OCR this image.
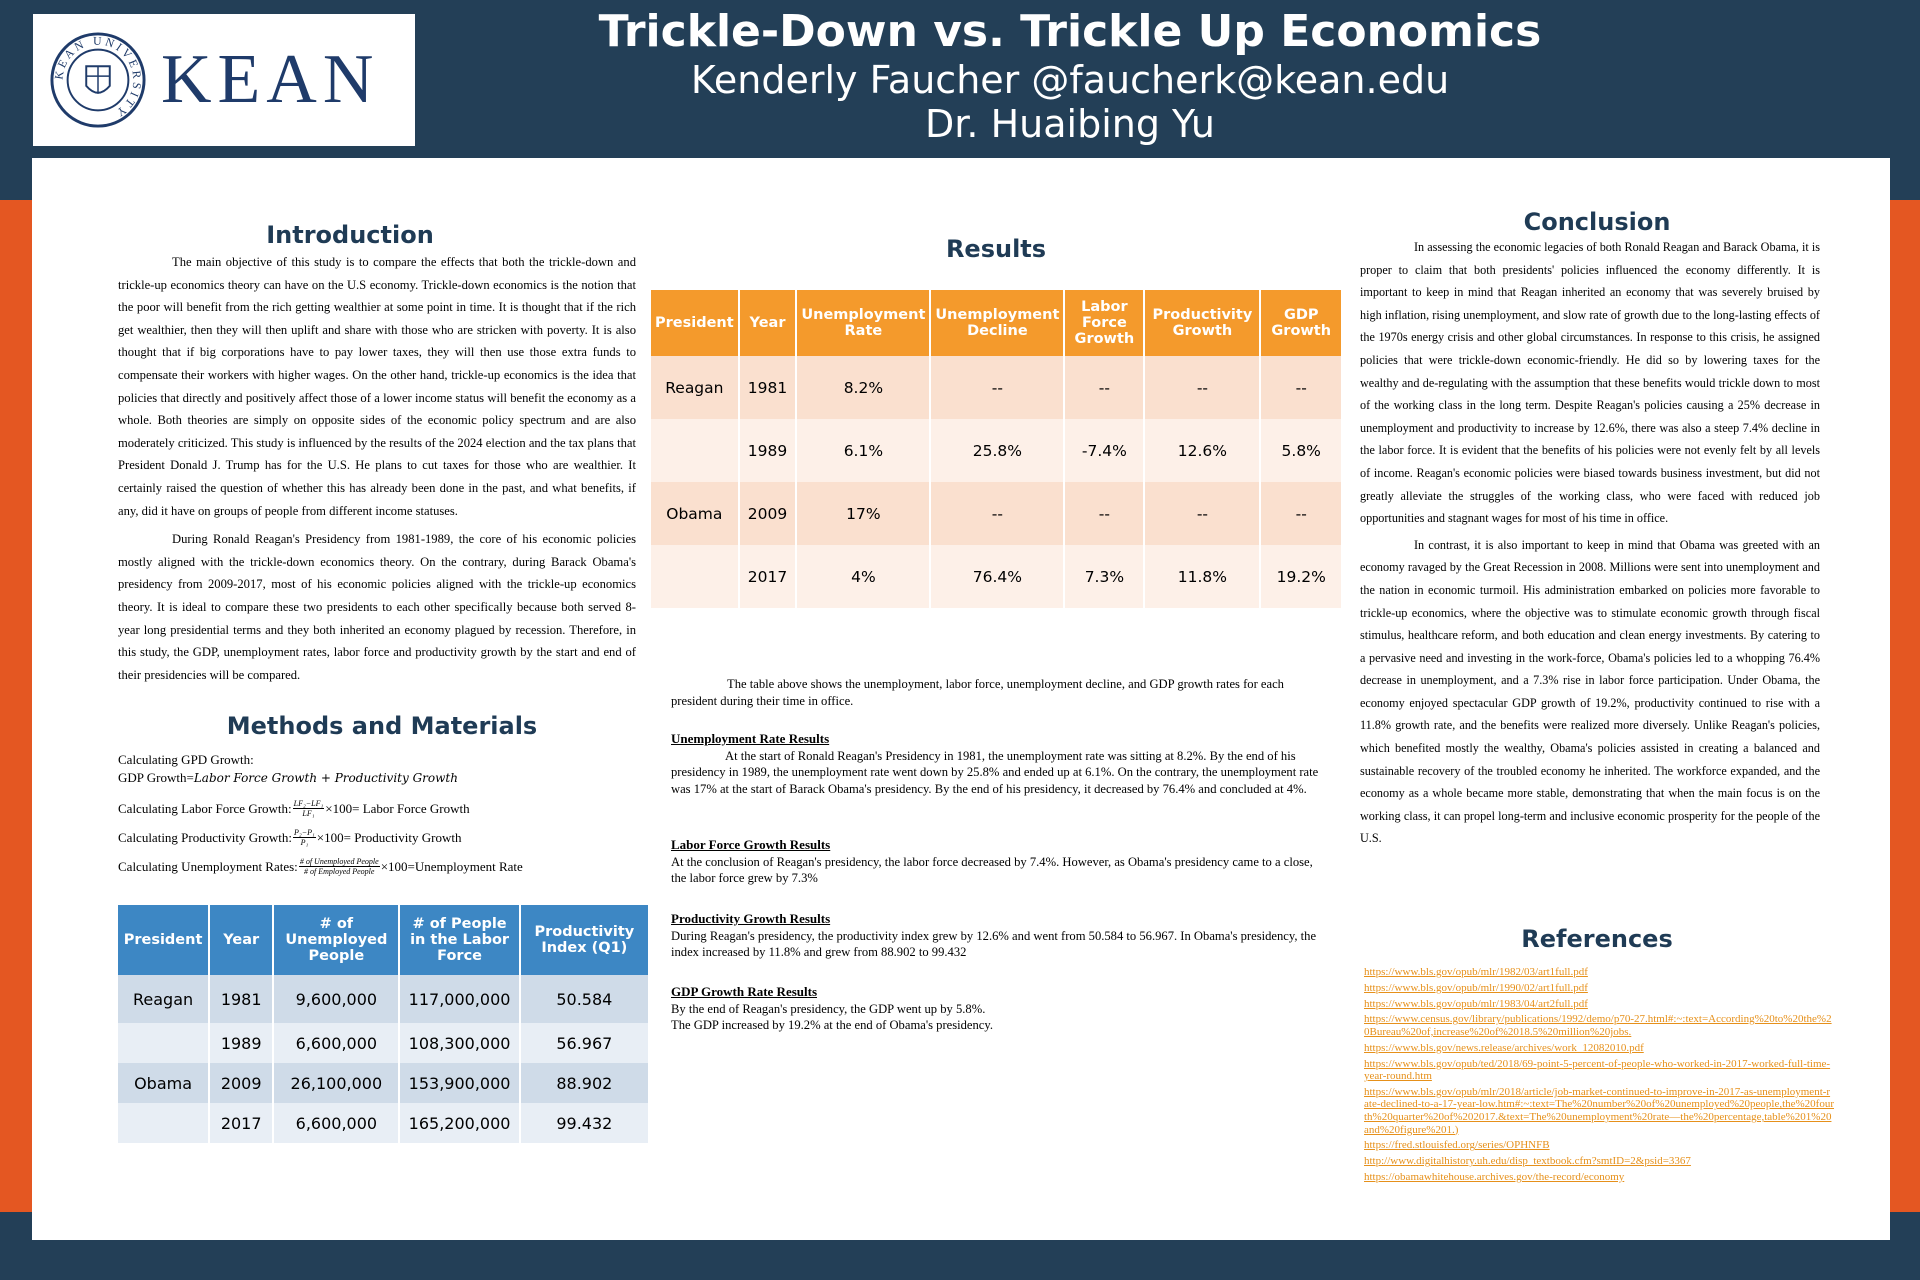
KEAN UNIVERSITY KEAN
Trickle-Down vs. Trickle Up Economics
Kenderly Faucher @faucherk@kean.edu
Dr. Huaibing Yu
Introduction

The main objective of this study is to compare the effects that both the trickle-down and trickle-up economics theory can have on the U.S economy. Trickle-down economics is the notion that the poor will benefit from the rich getting wealthier at some point in time. It is thought that if the rich get wealthier, then they will then uplift and share with those who are stricken with poverty. It is also thought that if big corporations have to pay lower taxes, they will then use those extra funds to compensate their workers with higher wages. On the other hand, trickle-up economics is the idea that policies that directly and positively affect those of a lower income status will benefit the economy as a whole. Both theories are simply on opposite sides of the economic policy spectrum and are also moderately criticized. This study is influenced by the results of the 2024 election and the tax plans that President Donald J. Trump has for the U.S. He plans to cut taxes for those who are wealthier. It certainly raised the question of whether this has already been done in the past, and what benefits, if any, did it have on groups of people from different income statuses.

During Ronald Reagan's Presidency from 1981-1989, the core of his economic policies mostly aligned with the trickle-down economics theory. On the contrary, during Barack Obama's presidency from 2009-2017, most of his economic policies aligned with the trickle-up economics theory. It is ideal to compare these two presidents to each other specifically because both served 8-year long presidential terms and they both inherited an economy plagued by recession. Therefore, in this study, the GDP, unemployment rates, labor force and productivity growth by the start and end of their presidencies will be compared.

Methods and Materials
Calculating GPD Growth:
GDP Growth=Labor Force Growth + Productivity Growth
Calculating Labor Force Growth: $\frac{\text{LF₂−LF₁}}{\text{LF₁}} \times 100=$ Labor Force Growth
Calculating Productivity Growth: $\frac{\text{P₂−P₁}}{\text{P₁}} \times 100=$ Productivity Growth
Calculating Unemployment Rates: $\frac{\text{\# of Unemployed People}}{\text{\# of Employed People}}$ ×100=Unemployment Rate
President	Year	# of Unemployed People	# of People in the Labor Force	Productivity Index (Q1)
Reagan	1981	9,600,000	117,000,000	50.584
	1989	6,600,000	108,300,000	56.967
Obama	2009	26,100,000	153,900,000	88.902
	2017	6,600,000	165,200,000	99.432
Results
President	Year	Unemployment Rate	Unemployment Decline	Labor Force Growth	Productivity Growth	GDP Growth
Reagan	1981	8.2%	--	--	--	--
	1989	6.1%	25.8%	-7.4%	12.6%	5.8%
Obama	2009	17%	--	--	--	--
	2017	4%	76.4%	7.3%	11.8%	19.2%
The table above shows the unemployment, labor force, unemployment decline, and GDP growth rates for each president during their time in office.
Unemployment Rate Results
At the start of Ronald Reagan's Presidency in 1981, the unemployment rate was sitting at 8.2%. By the end of his presidency in 1989, the unemployment rate went down by 25.8% and ended up at 6.1%. On the contrary, the unemployment rate was 17% at the start of Barack Obama's presidency. By the end of his presidency, it decreased by 76.4% and concluded at 4%.
Labor Force Growth Results
At the conclusion of Reagan's presidency, the labor force decreased by 7.4%. However, as Obama's presidency came to a close, the labor force grew by 7.3%
Productivity Growth Results
During Reagan's presidency, the productivity index grew by 12.6% and went from 50.584 to 56.967. In Obama's presidency, the index increased by 11.8% and grew from 88.902 to 99.432
GDP Growth Rate Results
By the end of Reagan's presidency, the GDP went up by 5.8%.
The GDP increased by 19.2% at the end of Obama's presidency.
Conclusion

In assessing the economic legacies of both Ronald Reagan and Barack Obama, it is proper to claim that both presidents' policies influenced the economy differently. It is important to keep in mind that Reagan inherited an economy that was severely bruised by high inflation, rising unemployment, and slow rate of growth due to the long-lasting effects of the 1970s energy crisis and other global circumstances. In response to this crisis, he assigned policies that were trickle-down economic-friendly. He did so by lowering taxes for the wealthy and de-regulating with the assumption that these benefits would trickle down to most of the working class in the long term. Despite Reagan's policies causing a 25% decrease in unemployment and productivity to increase by 12.6%, there was also a steep 7.4% decline in the labor force. It is evident that the benefits of his policies were not evenly felt by all levels of income. Reagan's economic policies were biased towards business investment, but did not greatly alleviate the struggles of the working class, who were faced with reduced job opportunities and stagnant wages for most of his time in office.

In contrast, it is also important to keep in mind that Obama was greeted with an economy ravaged by the Great Recession in 2008. Millions were sent into unemployment and the nation in economic turmoil. His administration embarked on policies more favorable to trickle-up economics, where the objective was to stimulate economic growth through fiscal stimulus, healthcare reform, and both education and clean energy investments. By catering to a pervasive need and investing in the work-force, Obama's policies led to a whopping 76.4% decrease in unemployment, and a 7.3% rise in labor force participation. Under Obama, the economy enjoyed spectacular GDP growth of 19.2%, productivity continued to rise with a 11.8% growth rate, and the benefits were realized more diversely. Unlike Reagan's policies, which benefited mostly the wealthy, Obama's policies assisted in creating a balanced and sustainable recovery of the troubled economy he inherited. The workforce expanded, and the economy as a whole became more stable, demonstrating that when the main focus is on the working class, it can propel long-term and inclusive economic prosperity for the people of the U.S.

References
https://www.bls.gov/opub/mlr/1982/03/art1full.pdf
https://www.bls.gov/opub/mlr/1990/02/art1full.pdf
https://www.bls.gov/opub/mlr/1983/04/art2full.pdf
https://www.census.gov/library/publications/1992/demo/p70-27.html#:~:text=According%20to%20the%20Bureau%20of,increase%20of%2018.5%20million%20jobs.
https://www.bls.gov/news.release/archives/work_12082010.pdf
https://www.bls.gov/opub/ted/2018/69-point-5-percent-of-people-who-worked-in-2017-worked-full-time-year-round.htm
https://www.bls.gov/opub/mlr/2018/article/job-market-continued-to-improve-in-2017-as-unemployment-rate-declined-to-a-17-year-low.htm#:~:text=The%20number%20of%20unemployed%20people,the%20fourth%20quarter%20of%202017.&text=The%20unemployment%20rate—the%20percentage,table%201%20and%20figure%201.)
https://fred.stlouisfed.org/series/OPHNFB
http://www.digitalhistory.uh.edu/disp_textbook.cfm?smtID=2&psid=3367
https://obamawhitehouse.archives.gov/the-record/economy
